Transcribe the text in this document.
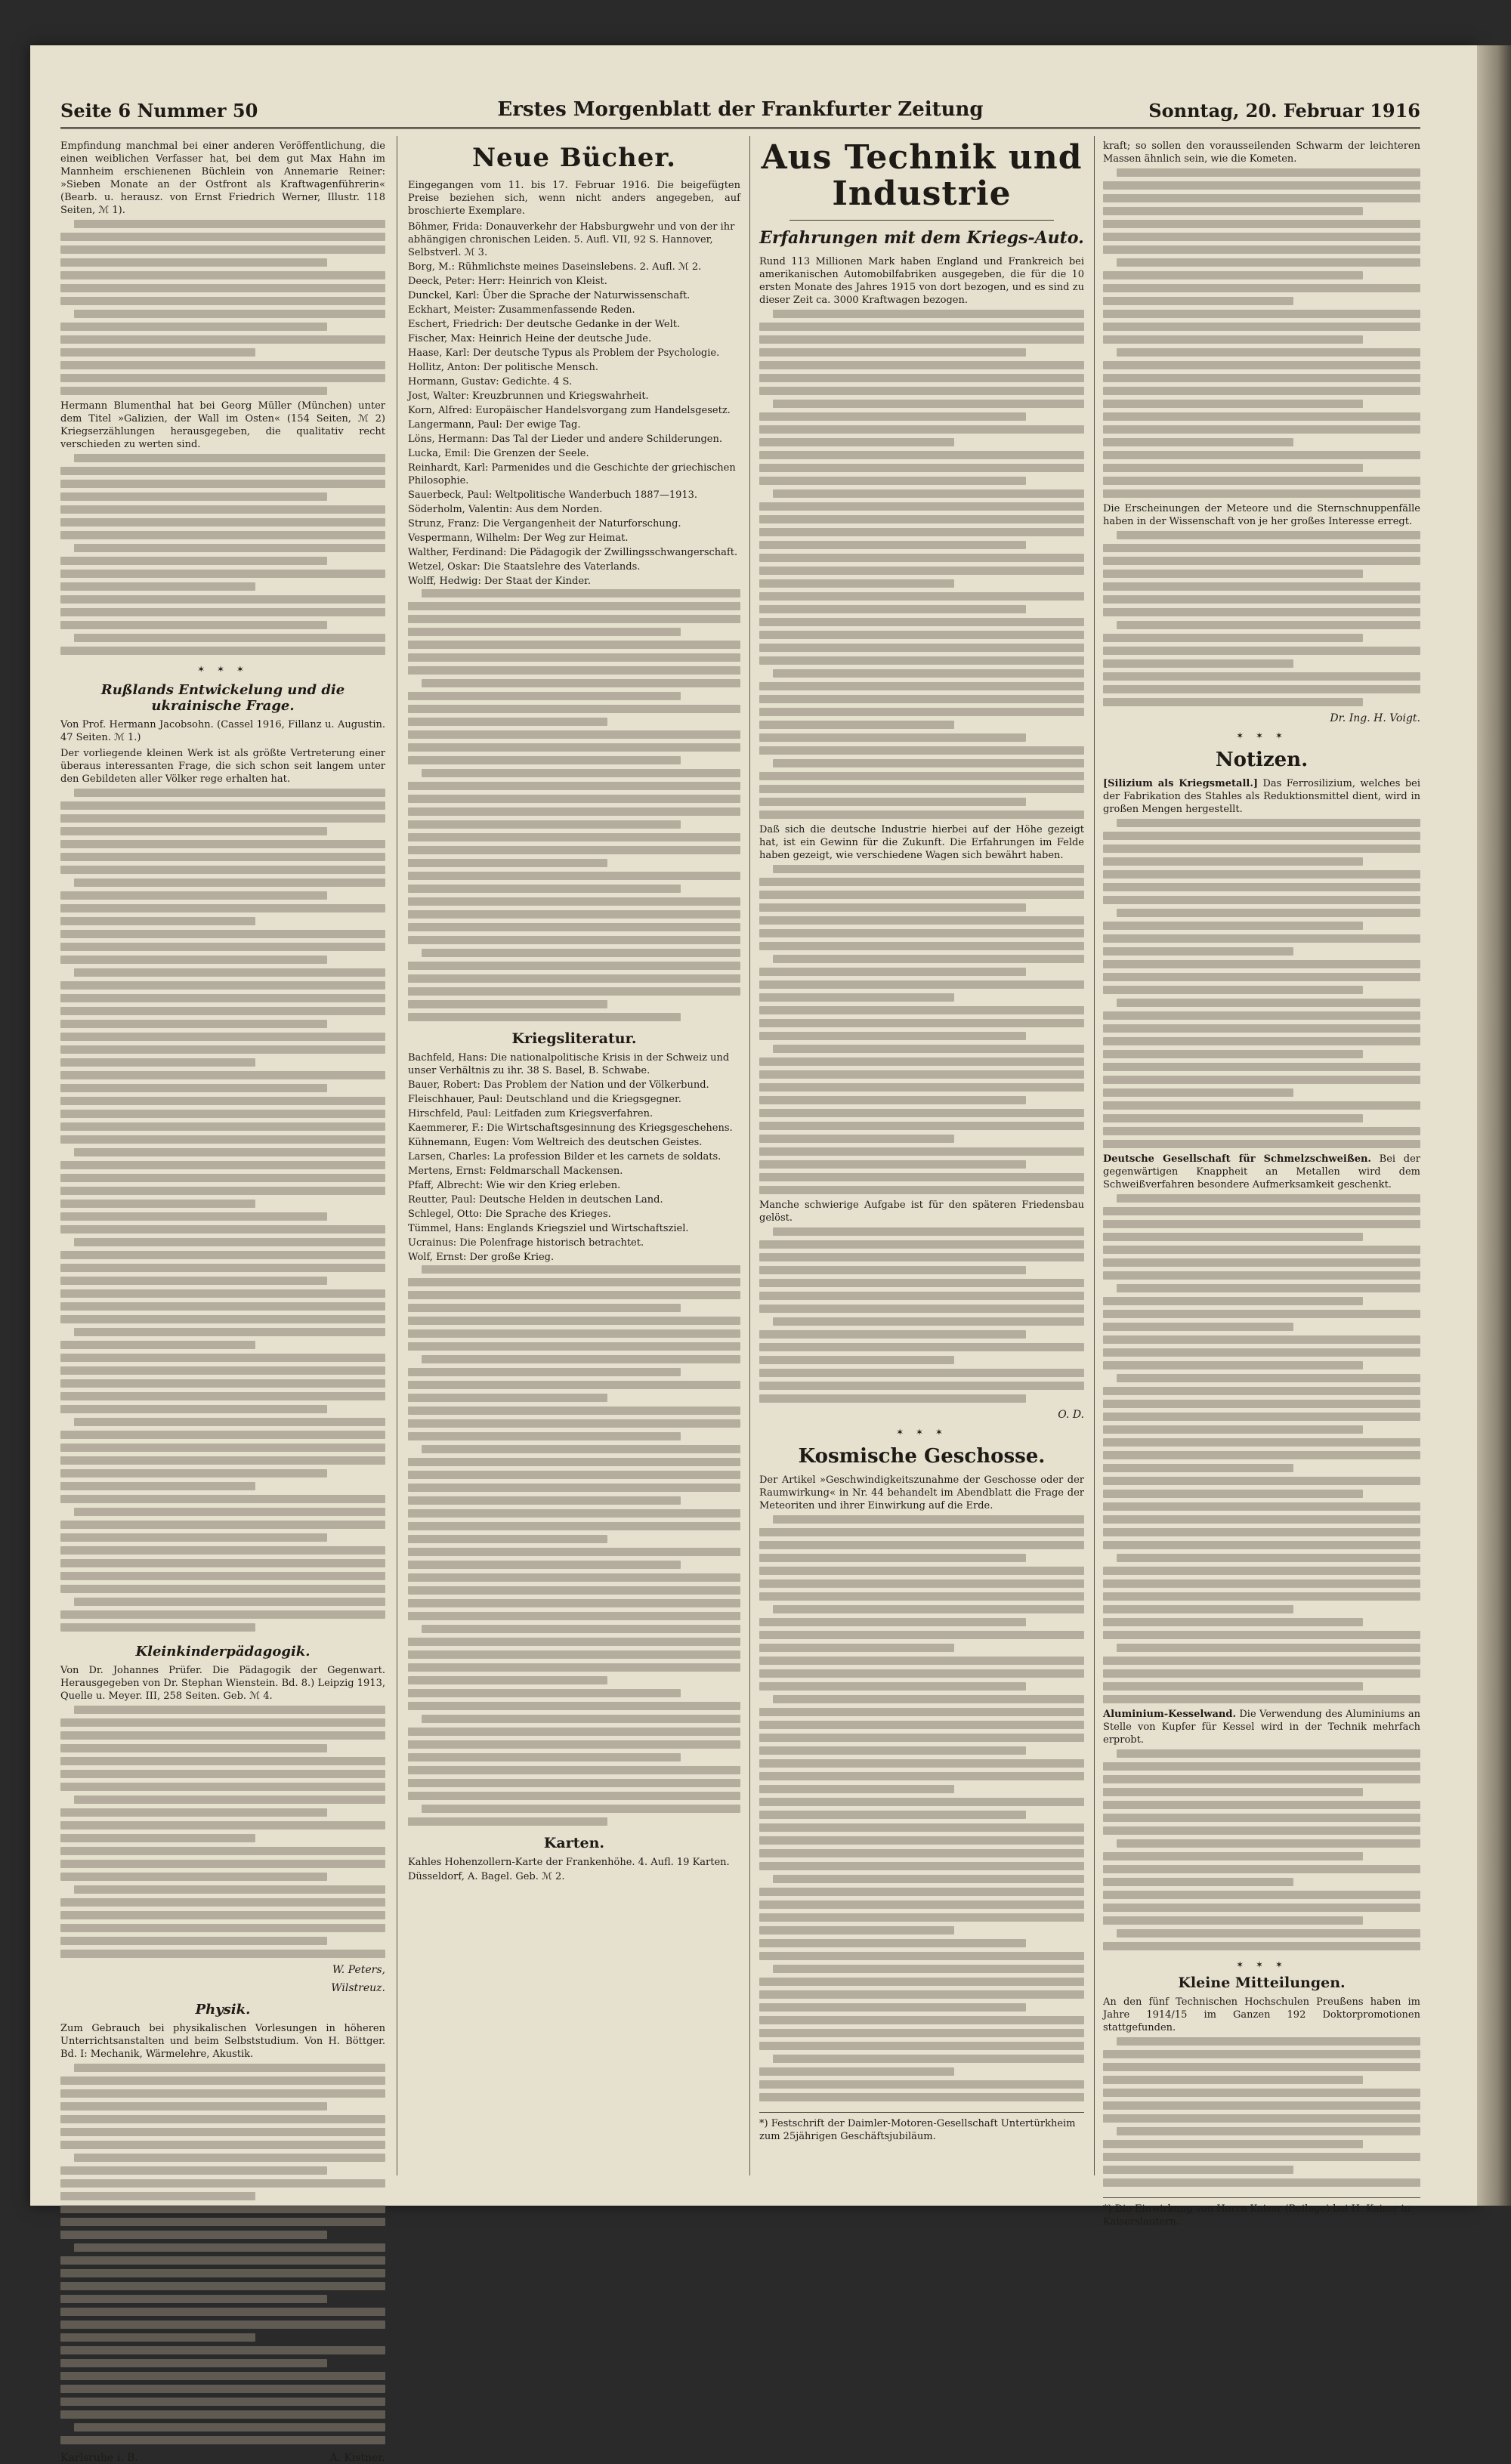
Seite 6 Nummer 50	Erstes Morgenblatt der Frankfurter Zeitung	Sonntag, 20. Februar 1916

Empfindung manchmal bei einer anderen Veröffentlichung, die einen weiblichen Verfasser hat, bei dem gut Max Hahn im Mannheim erschienenen Büchlein von Annemarie Reiner: »Sieben Monate an der Ostfront als Kraftwagenführerin« (Bearb. u. herausz. von Ernst Friedrich Werner, Illustr. 118 Seiten, ℳ 1).

Hermann Blumenthal hat bei Georg Müller (München) unter dem Titel »Galizien, der Wall im Osten« (154 Seiten, ℳ 2) Kriegserzählungen herausgegeben, die qualitativ recht verschieden zu werten sind.

✶ ✶ ✶
Rußlands Entwickelung und die ukrainische Frage.

Von Prof. Hermann Jacobsohn. (Cassel 1916, Fillanz u. Augustin. 47 Seiten. ℳ 1.)

Der vorliegende kleinen Werk ist als größte Vertreterung einer überaus interessanten Frage, die sich schon seit langem unter den Gebildeten aller Völker rege erhalten hat.

Kleinkinderpädagogik.

Von Dr. Johannes Prüfer. Die Pädagogik der Gegenwart. Herausgegeben von Dr. Stephan Wienstein. Bd. 8.) Leipzig 1913, Quelle u. Meyer. III, 258 Seiten. Geb. ℳ 4.

W. Peters,
Wilstreuz.
Physik.

Zum Gebrauch bei physikalischen Vorlesungen in höheren Unterrichtsanstalten und beim Selbststudium. Von H. Böttger. Bd. I: Mechanik, Wärmelehre, Akustik.

Karlsruhe i. B.	A. Kistner.
Neue Bücher.

Eingegangen vom 11. bis 17. Februar 1916. Die beigefügten Preise beziehen sich, wenn nicht anders angegeben, auf broschierte Exemplare.

Böhmer, Frida: Donauverkehr der Habsburgwehr und von der ihr abhängigen chronischen Leiden. 5. Aufl. VII, 92 S. Hannover, Selbstverl. ℳ 3.

Borg, M.: Rühmlichste meines Daseinslebens. 2. Aufl. ℳ 2.

Deeck, Peter: Herr: Heinrich von Kleist.

Dunckel, Karl: Über die Sprache der Naturwissenschaft.

Eckhart, Meister: Zusammenfassende Reden.

Eschert, Friedrich: Der deutsche Gedanke in der Welt.

Fischer, Max: Heinrich Heine der deutsche Jude.

Haase, Karl: Der deutsche Typus als Problem der Psychologie.

Hollitz, Anton: Der politische Mensch.

Hormann, Gustav: Gedichte. 4 S.

Jost, Walter: Kreuzbrunnen und Kriegswahrheit.

Korn, Alfred: Europäischer Handelsvorgang zum Handelsgesetz.

Langermann, Paul: Der ewige Tag.

Löns, Hermann: Das Tal der Lieder und andere Schilderungen.

Lucka, Emil: Die Grenzen der Seele.

Reinhardt, Karl: Parmenides und die Geschichte der griechischen Philosophie.

Sauerbeck, Paul: Weltpolitische Wanderbuch 1887—1913.

Söderholm, Valentin: Aus dem Norden.

Strunz, Franz: Die Vergangenheit der Naturforschung.

Vespermann, Wilhelm: Der Weg zur Heimat.

Walther, Ferdinand: Die Pädagogik der Zwillingsschwangerschaft.

Wetzel, Oskar: Die Staatslehre des Vaterlands.

Wolff, Hedwig: Der Staat der Kinder.

Kriegsliteratur.

Bachfeld, Hans: Die nationalpolitische Krisis in der Schweiz und unser Verhältnis zu ihr. 38 S. Basel, B. Schwabe.

Bauer, Robert: Das Problem der Nation und der Völkerbund.

Fleischhauer, Paul: Deutschland und die Kriegsgegner.

Hirschfeld, Paul: Leitfaden zum Kriegsverfahren.

Kaemmerer, F.: Die Wirtschaftsgesinnung des Kriegsgeschehens.

Kühnemann, Eugen: Vom Weltreich des deutschen Geistes.

Larsen, Charles: La profession Bilder et les carnets de soldats.

Mertens, Ernst: Feldmarschall Mackensen.

Pfaff, Albrecht: Wie wir den Krieg erleben.

Reutter, Paul: Deutsche Helden in deutschen Land.

Schlegel, Otto: Die Sprache des Krieges.

Tümmel, Hans: Englands Kriegsziel und Wirtschaftsziel.

Ucrainus: Die Polenfrage historisch betrachtet.

Wolf, Ernst: Der große Krieg.

Karten.

Kahles Hohenzollern-Karte der Frankenhöhe. 4. Aufl. 19 Karten.

Düsseldorf, A. Bagel. Geb. ℳ 2.

Aus Technik und Industrie
Erfahrungen mit dem Kriegs-Auto.

Rund 113 Millionen Mark haben England und Frankreich bei amerikanischen Automobilfabriken ausgegeben, die für die 10 ersten Monate des Jahres 1915 von dort bezogen, und es sind zu dieser Zeit ca. 3000 Kraftwagen bezogen.

Daß sich die deutsche Industrie hierbei auf der Höhe gezeigt hat, ist ein Gewinn für die Zukunft. Die Erfahrungen im Felde haben gezeigt, wie verschiedene Wagen sich bewährt haben.

Manche schwierige Aufgabe ist für den späteren Friedensbau gelöst.

O. D.
✶ ✶ ✶
Kosmische Geschosse.

Der Artikel »Geschwindigkeitszunahme der Geschosse oder der Raumwirkung« in Nr. 44 behandelt im Abendblatt die Frage der Meteoriten und ihrer Einwirkung auf die Erde.

*) Festschrift der Daimler-Motoren-Gesellschaft Untertürkheim zum 25jährigen Geschäftsjubiläum.

kraft; so sollen den vorausseilenden Schwarm der leichteren Massen ähnlich sein, wie die Kometen.

Die Erscheinungen der Meteore und die Sternschnuppenfälle haben in der Wissenschaft von je her großes Interesse erregt.

Dr. Ing. H. Voigt.
✶ ✶ ✶
Notizen.

[Silizium als Kriegsmetall.] Das Ferrosilizium, welches bei der Fabrikation des Stahles als Reduktionsmittel dient, wird in großen Mengen hergestellt.

Deutsche Gesellschaft für Schmelzschweißen. Bei der gegenwärtigen Knappheit an Metallen wird dem Schweißverfahren besondere Aufmerksamkeit geschenkt.

Aluminium-Kesselwand. Die Verwendung des Aluminiums an Stelle von Kupfer für Kessel wird in der Technik mehrfach erprobt.

✶ ✶ ✶
Kleine Mitteilungen.

An den fünf Technischen Hochschulen Preußens haben im Jahre 1914/15 im Ganzen 192 Doktorpromotionen stattgefunden.

*) Die Einwirkung von Herrn Kaiser (Beilage) bei H. Kaiser in Kaiserslautern.
